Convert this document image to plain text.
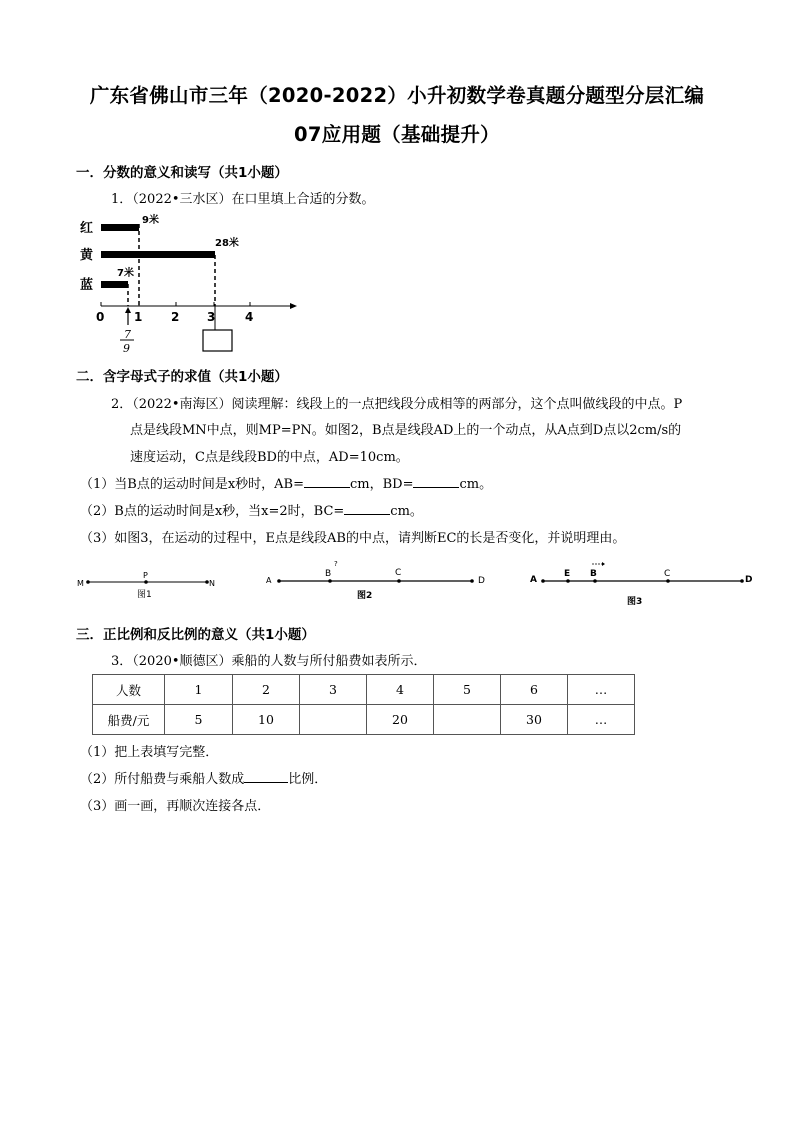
广东省佛山市三年（2020-2022）小升初数学卷真题分题型分层汇编
07应用题（基础提升）
一．分数的意义和读写（共1小题）
1．（2022•三水区）在口里填上合适的分数。
红
黄
蓝
9米
28米
7米
0 1 2 3 4
7
9
二．含字母式子的求值（共1小题）
2．（2022•南海区）阅读理解：线段上的一点把线段分成相等的两部分，这个点叫做线段的中点。P
点是线段MN中点，则MP=PN。如图2，B点是线段AD上的一个动点，从A点到D点以2cm/s的
速度运动，C点是线段BD的中点，AD=10cm。
（1）当B点的运动时间是x秒时，AB=	cm，BD=	cm。
（2）B点的运动时间是x秒，当x=2时，BC=	cm。
（3）如图3，在运动的过程中，E点是线段AB的中点，请判断EC的长是否变化，并说明理由。
M
P
N
图1
A
B
?
C
D
图2
A
E B	C
D
图3
三．正比例和反比例的意义（共1小题）
3．（2020•顺德区）乘船的人数与所付船费如表所示．
人数	1	2	3	4	5	6	…
船费/元	5	10		20		30	…
（1）把上表填写完整．
（2）所付船费与乘船人数成	比例．
（3）画一画，再顺次连接各点．
